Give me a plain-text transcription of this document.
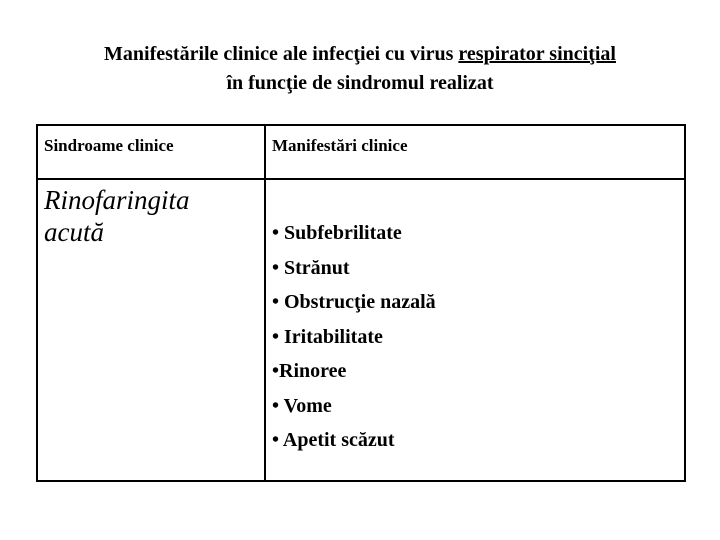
Manifestările clinice ale infecţiei cu virus respirator sinciţial
în funcţie de sindromul realizat
Sindroame clinice	Manifestări clinice
Rinofaringita
acută	• Subfebrilitate
• Strănut
• Obstrucţie nazală
• Iritabilitate
•Rinoree
• Vome
• Apetit scăzut
